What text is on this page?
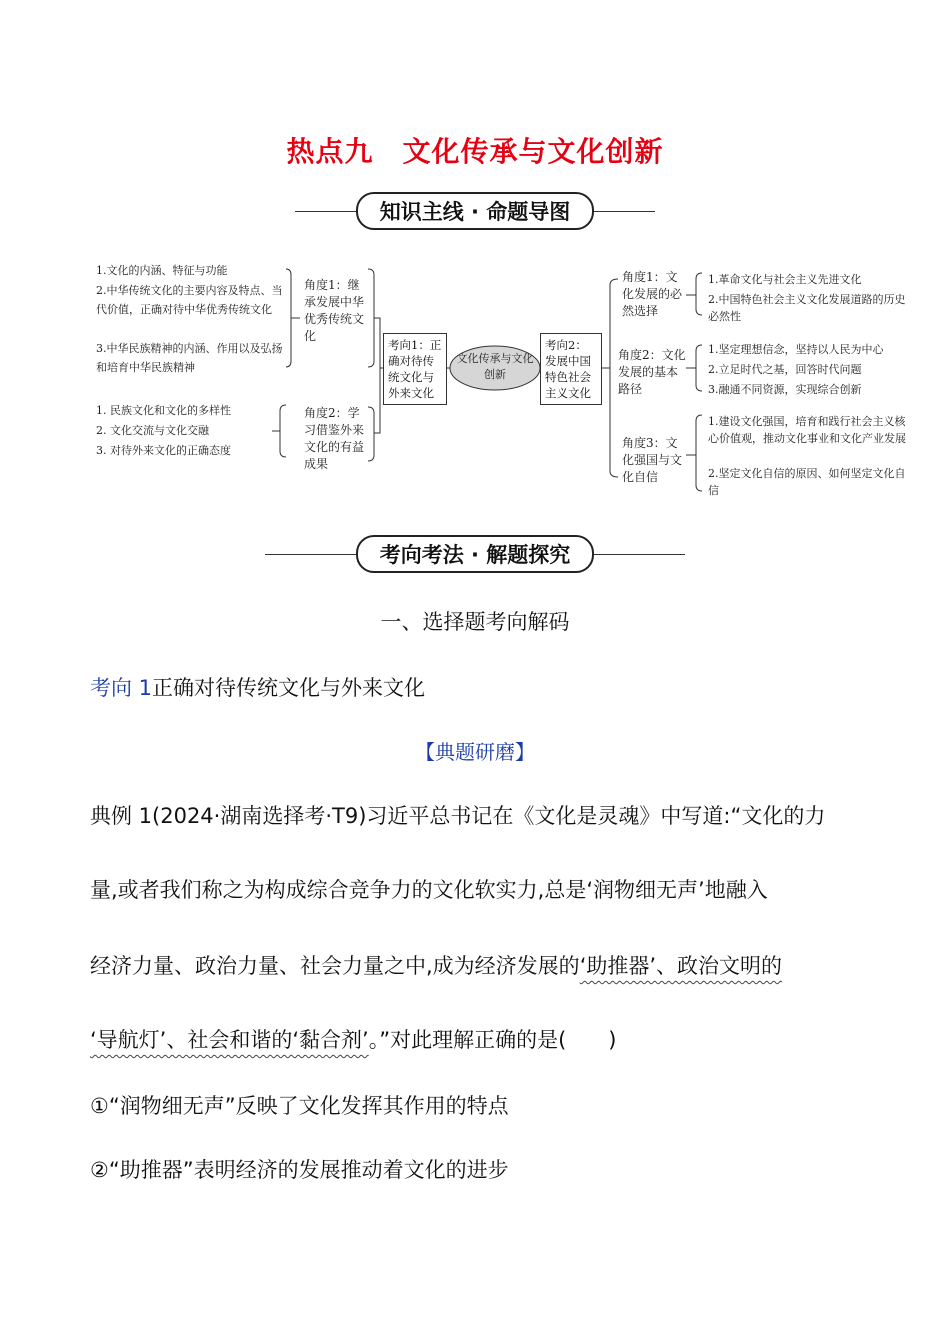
热点九　文化传承与文化创新
知识主线 · 命题导图
1.文化的内涵、特征与功能
2.中华传统文化的主要内容及特点、当代价值，正确对待中华优秀传统文化
3.中华民族精神的内涵、作用以及弘扬和培育中华民族精神
角度1：继承发展中华优秀传统文化
1. 民族文化和文化的多样性
2. 文化交流与文化交融
3. 对待外来文化的正确态度
角度2：学习借鉴外来文化的有益成果
考向1：正确对待传统文化与外来文化
文化传承与文化创新
考向2：发展中国特色社会主义文化
角度1：文化发展的必然选择
角度2：文化发展的基本路径
角度3：文化强国与文化自信
1.革命文化与社会主义先进文化
2.中国特色社会主义文化发展道路的历史必然性
1.坚定理想信念，坚持以人民为中心
2.立足时代之基，回答时代问题
3.融通不同资源，实现综合创新
1.建设文化强国，培育和践行社会主义核心价值观，推动文化事业和文化产业发展
2.坚定文化自信的原因、如何坚定文化自信
考向考法 · 解题探究
一、选择题考向解码
考向 1正确对待传统文化与外来文化
【典题研磨】
典例 1(2024·湖南选择考·T9)习近平总书记在《文化是灵魂》中写道:“文化的力
量,或者我们称之为构成综合竞争力的文化软实力,总是‘润物细无声’地融入
经济力量、政治力量、社会力量之中,成为经济发展的‘助推器’、政治文明的
‘导航灯’、社会和谐的‘黏合剂’。”对此理解正确的是(　　)
①“润物细无声”反映了文化发挥其作用的特点
②“助推器”表明经济的发展推动着文化的进步
